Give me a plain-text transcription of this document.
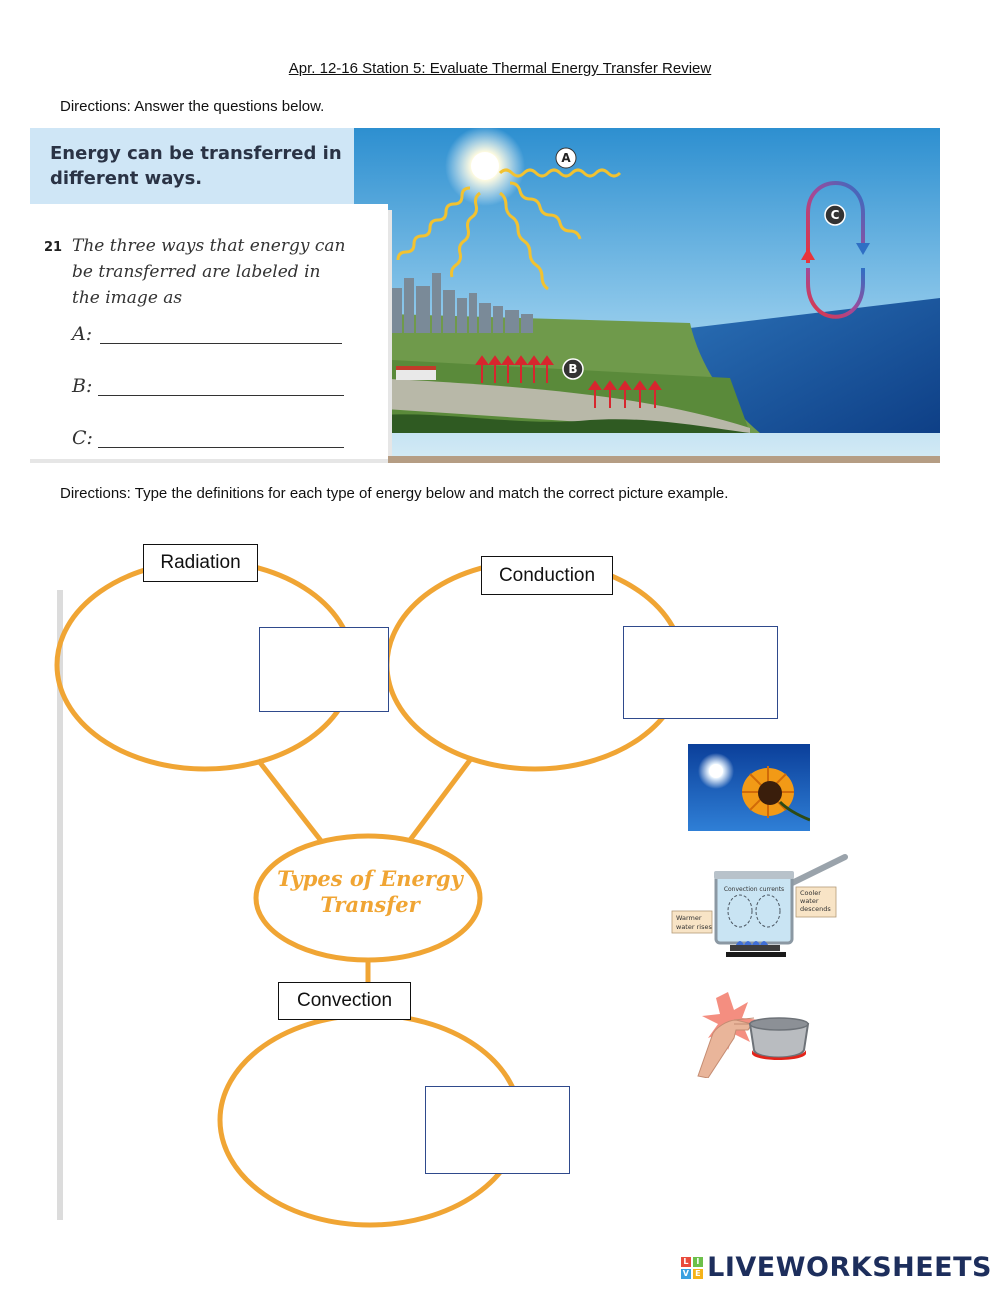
Apr. 12-16 Station 5: Evaluate Thermal Energy Transfer Review
Directions: Answer the questions below.
A
C
B
Energy can be transferred in
different ways.
21 The three ways that energy can
be transferred are labeled in
the image as
A:
B:
C:
Directions: Type the definitions for each type of energy below and match the correct picture example.
Types of Energy
Transfer
Radiation
Conduction
Convection
Convection currents Cooler
water
descends
Warmer
water rises
L I
V E LIVEWORKSHEETS
